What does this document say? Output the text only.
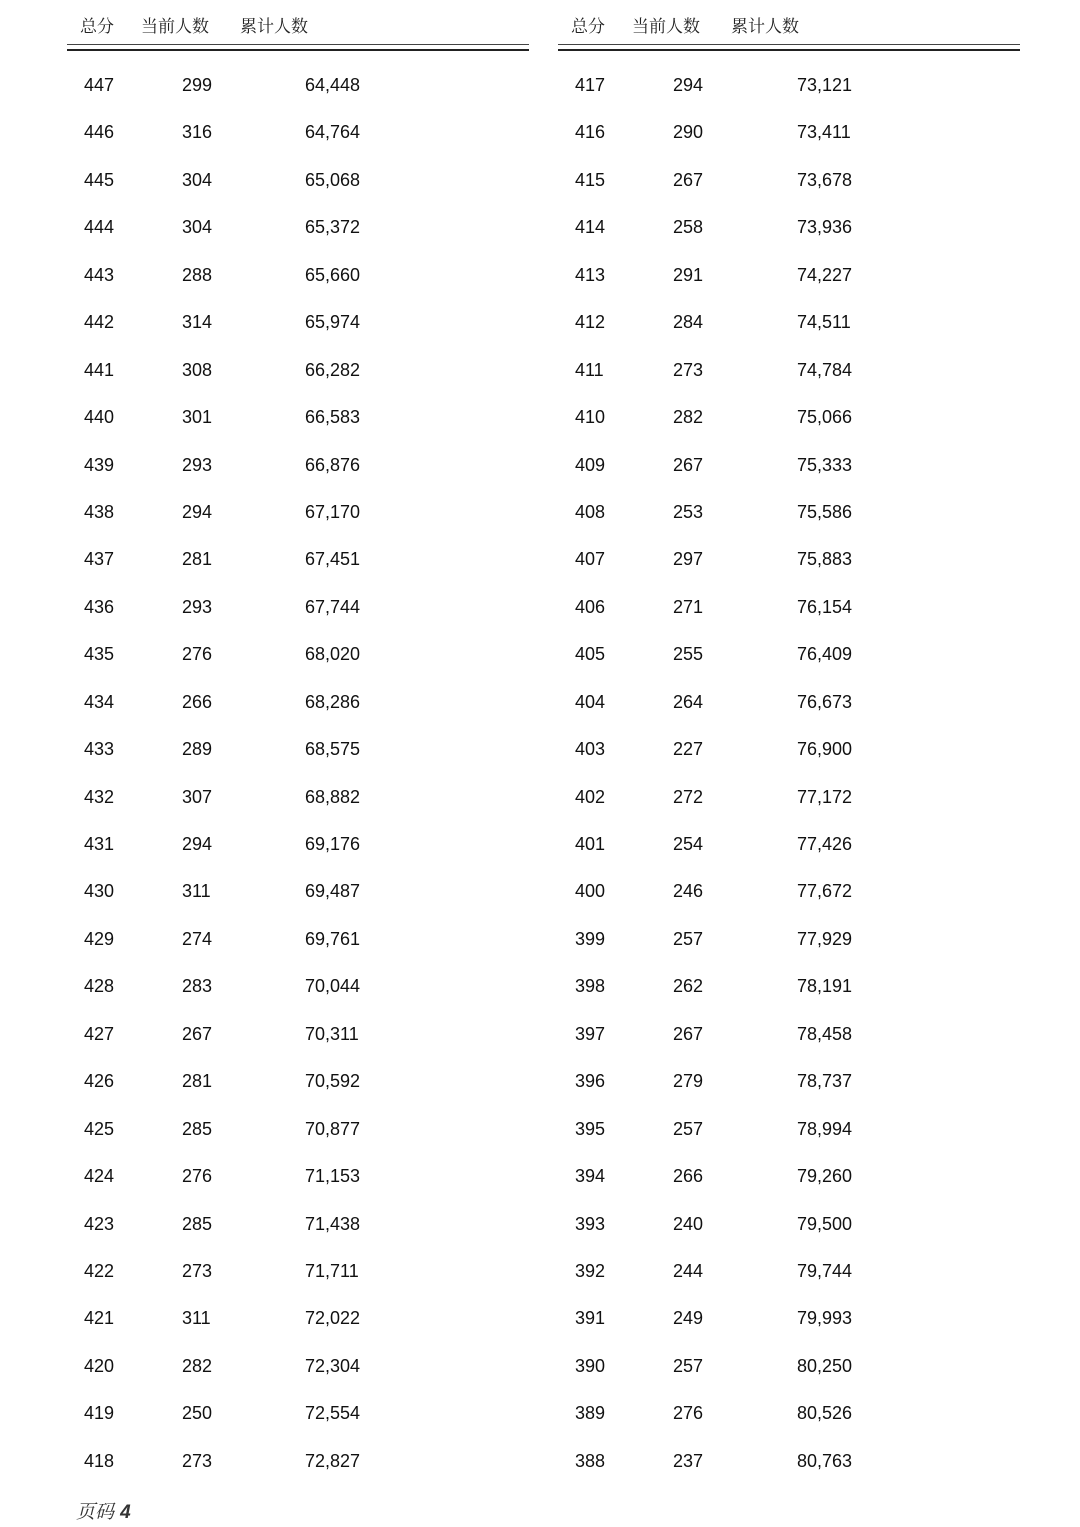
总分 当前人数 累计人数
447	299	64,448
446	316	64,764
445	304	65,068
444	304	65,372
443	288	65,660
442	314	65,974
441	308	66,282
440	301	66,583
439	293	66,876
438	294	67,170
437	281	67,451
436	293	67,744
435	276	68,020
434	266	68,286
433	289	68,575
432	307	68,882
431	294	69,176
430	311	69,487
429	274	69,761
428	283	70,044
427	267	70,311
426	281	70,592
425	285	70,877
424	276	71,153
423	285	71,438
422	273	71,711
421	311	72,022
420	282	72,304
419	250	72,554
418	273	72,827
总分 当前人数 累计人数
417	294	73,121
416	290	73,411
415	267	73,678
414	258	73,936
413	291	74,227
412	284	74,511
411	273	74,784
410	282	75,066
409	267	75,333
408	253	75,586
407	297	75,883
406	271	76,154
405	255	76,409
404	264	76,673
403	227	76,900
402	272	77,172
401	254	77,426
400	246	77,672
399	257	77,929
398	262	78,191
397	267	78,458
396	279	78,737
395	257	78,994
394	266	79,260
393	240	79,500
392	244	79,744
391	249	79,993
390	257	80,250
389	276	80,526
388	237	80,763
页码 4
